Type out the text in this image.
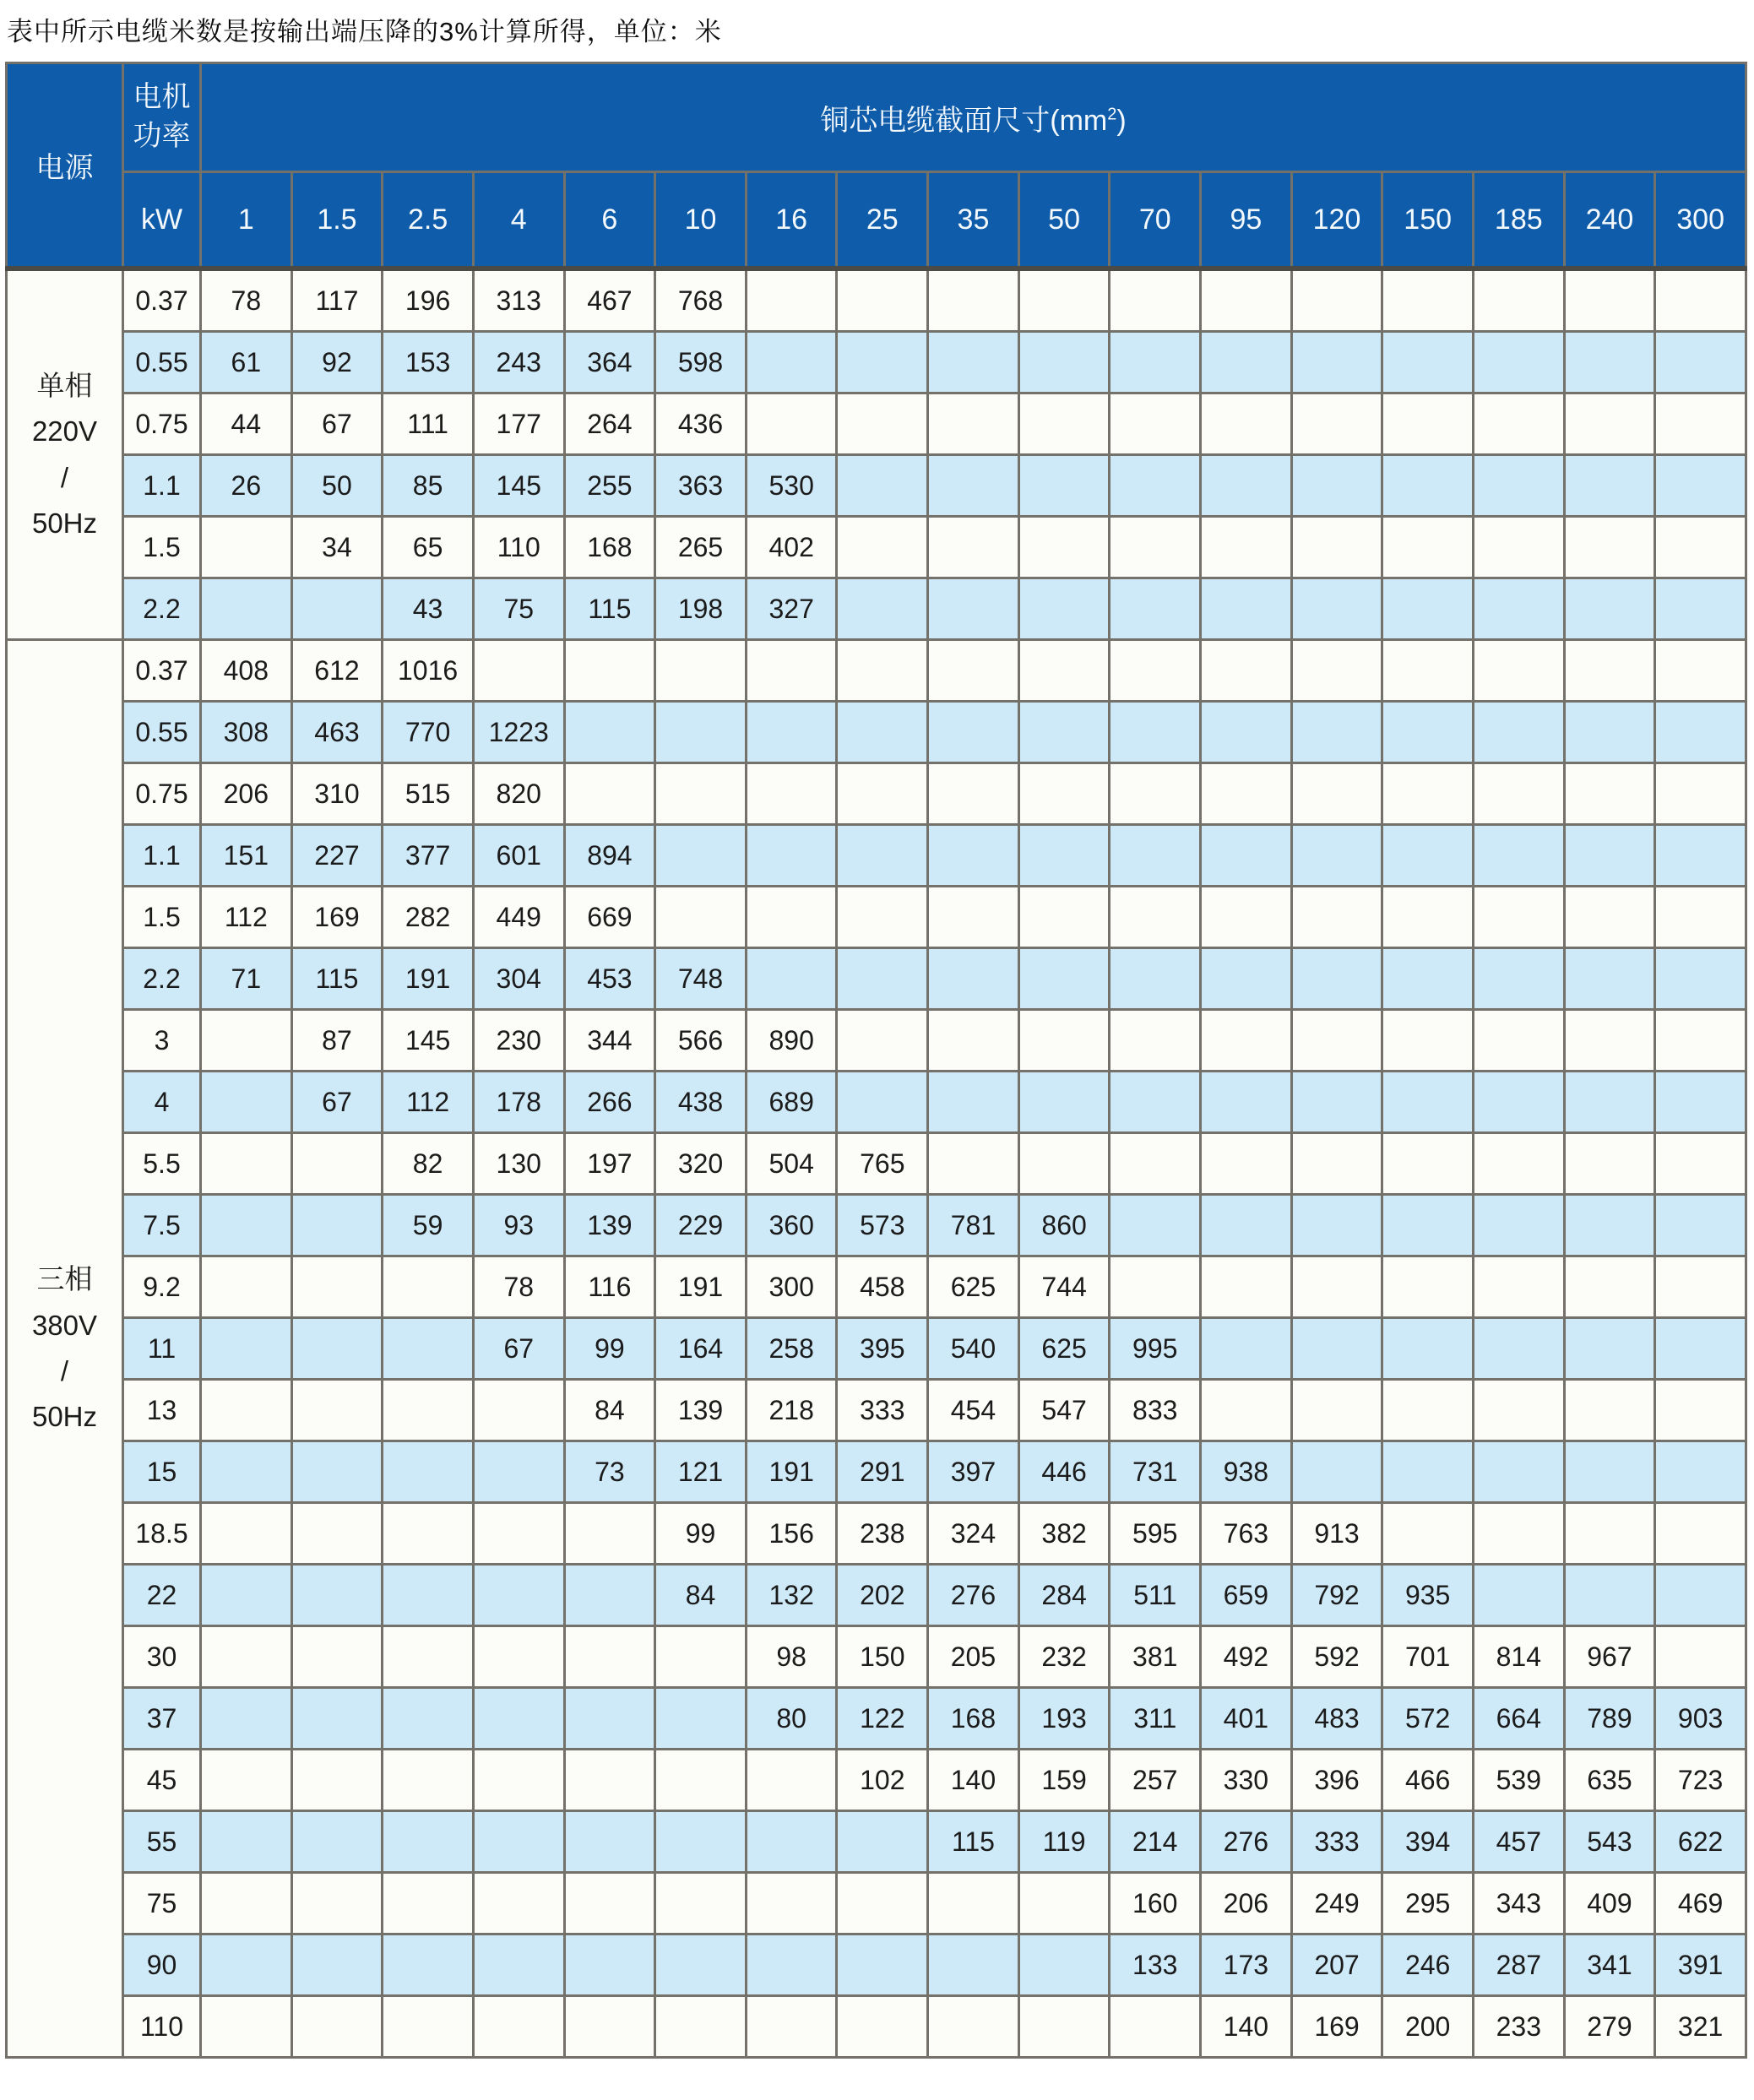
表中所示电缆米数是按输出端压降的3%计算所得，单位：米
电源	电机功率	铜芯电缆截面尺寸$(mm^2)$																
	kW	1	1.5	2.5	4	6	10	16	25	35	50	70	95	120	150	185	240	300

单相
220V
/
50Hz	0.37	78	117	196	313	467	768											
	0.55	61	92	153	243	364	598											
	0.75	44	67	111	177	264	436											
	1.1	26	50	85	145	255	363	530										
	1.5		34	65	110	168	265	402										
	2.2			43	75	115	198	327										

三相
380V
/
50Hz	0.37	408	612	1016														
	0.55	308	463	770	1223													
	0.75	206	310	515	820													
	1.1	151	227	377	601	894												
	1.5	112	169	282	449	669												
	2.2	71	115	191	304	453	748											
	3		87	145	230	344	566	890										
	4		67	112	178	266	438	689										
	5.5			82	130	197	320	504	765									
	7.5			59	93	139	229	360	573	781	860							
	9.2				78	116	191	300	458	625	744							
	11				67	99	164	258	395	540	625	995						
	13					84	139	218	333	454	547	833						
	15					73	121	191	291	397	446	731	938					
	18.5						99	156	238	324	382	595	763	913				
	22						84	132	202	276	284	511	659	792	935			
	30							98	150	205	232	381	492	592	701	814	967	
	37							80	122	168	193	311	401	483	572	664	789	903
	45								102	140	159	257	330	396	466	539	635	723
	55									115	119	214	276	333	394	457	543	622
	75											160	206	249	295	343	409	469
	90											133	173	207	246	287	341	391
	110												140	169	200	233	279	321
